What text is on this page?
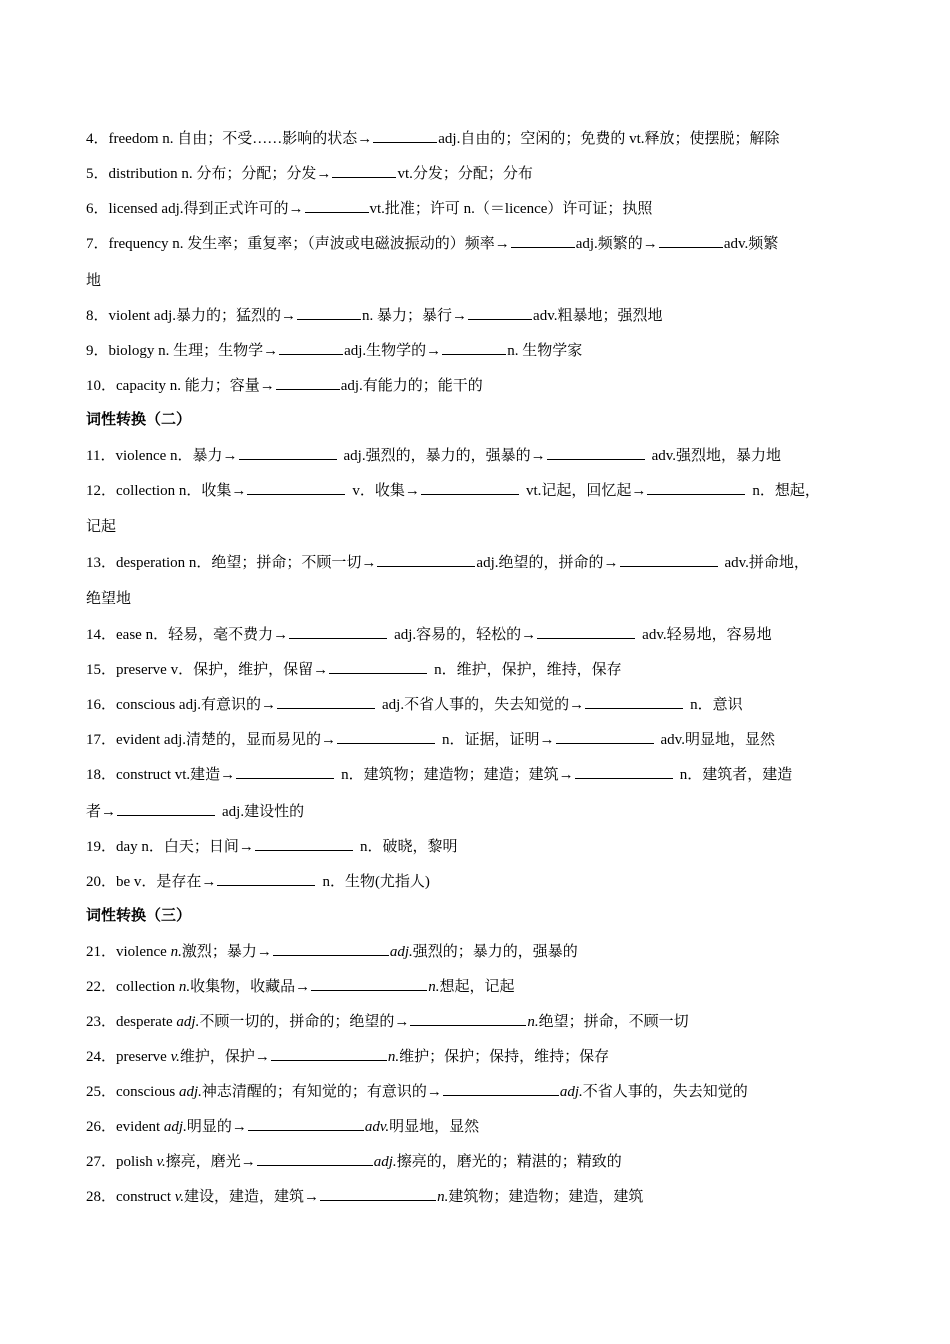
4．freedom n. 自由；不受……影响的状态→	adj.自由的；空闲的；免费的 vt.释放；使摆脱；解除
5．distribution n. 分布；分配；分发→	vt.分发；分配；分布
6．licensed adj.得到正式许可的→	vt.批准；许可 n.（＝licence）许可证；执照
7．frequency n. 发生率；重复率；（声波或电磁波振动的）频率→	adj.频繁的→	adv.频繁
地
8．violent adj.暴力的；猛烈的→	n. 暴力；暴行→	adv.粗暴地；强烈地
9．biology n. 生理；生物学→	adj.生物学的→	n. 生物学家
10．capacity n. 能力；容量→	adj.有能力的；能干的
词性转换（二）
11．violence n．暴力→	adj.强烈的，暴力的，强暴的→	adv.强烈地，暴力地
12．collection n．收集→	v．收集→	vt.记起，回忆起→	n．想起，
记起
13．desperation n．绝望；拼命；不顾一切→	adj.绝望的，拼命的→	adv.拼命地，
绝望地
14．ease n．轻易，毫不费力→	adj.容易的，轻松的→	adv.轻易地，容易地
15．preserve v．保护，维护，保留→	n．维护，保护，维持，保存
16．conscious adj.有意识的→	adj.不省人事的，失去知觉的→	n．意识
17．evident adj.清楚的，显而易见的→	n．证据，证明→	adv.明显地，显然
18．construct vt.建造→	n．建筑物；建造物；建造；建筑→	n．建筑者，建造
者→	adj.建设性的
19．day n．白天；日间→	n．破晓，黎明
20．be v．是存在→	n．生物(尤指人)
词性转换（三）
21．violence n.激烈；暴力→	adj.强烈的；暴力的，强暴的
22．collection n.收集物，收藏品→	n.想起，记起
23．desperate adj.不顾一切的，拼命的；绝望的→	n.绝望；拼命，不顾一切
24．preserve v.维护，保护→	n.维护；保护；保持，维持；保存
25．conscious adj.神志清醒的；有知觉的；有意识的→	adj.不省人事的，失去知觉的
26．evident adj.明显的→	adv.明显地，显然
27．polish v.擦亮，磨光→	adj.擦亮的，磨光的；精湛的；精致的
28．construct v.建设，建造，建筑→	n.建筑物；建造物；建造，建筑
